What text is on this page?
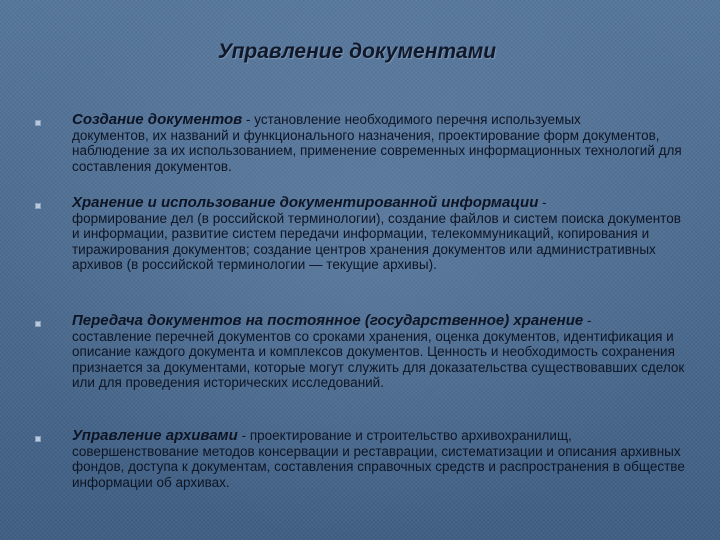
Управление документами
Создание документов - установление необходимого перечня используемых
документов, их названий и функционального назначения, проектирование форм документов, наблюдение за их использованием, применение современных информационных технологий для составления документов.
Хранение и использование документированной информации -
формирование дел (в российской терминологии), создание файлов и систем поиска документов и информации, развитие систем передачи информации, телекоммуникаций, копирования и тиражирования документов; создание центров хранения документов или административных архивов (в российской терминологии — текущие архивы).
Передача документов на постоянное (государственное) хранение -
составление перечней документов со сроками хранения, оценка документов, идентификация и описание каждого документа и комплексов документов. Ценность и необходимость сохранения признается за документами, которые могут служить для доказательства существовавших сделок или для проведения исторических исследований.
Управление архивами - проектирование и строительство архивохранилищ,
совершенствование методов консервации и реставрации, систематизации и описания архивных фондов, доступа к документам, составления справочных средств и распространения в обществе информации об архивах.
